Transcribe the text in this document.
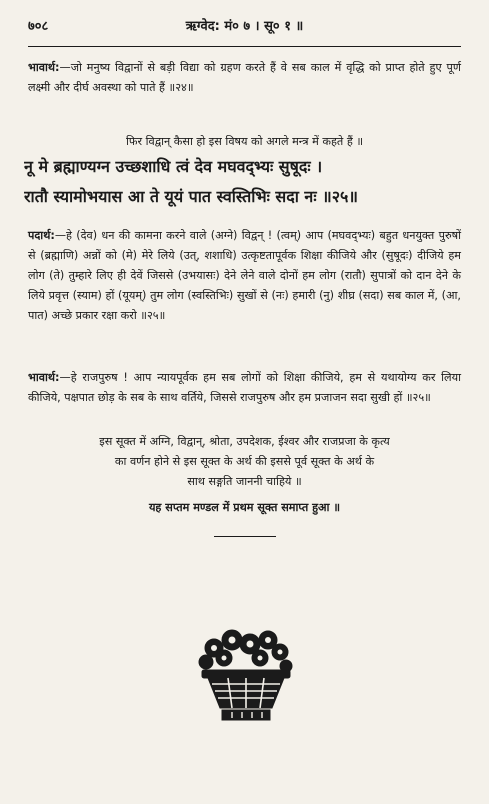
७०८	ऋग्वेद: मं० ७ । सू० १ ॥
भावार्थ:—जो मनुष्य विद्वानों से बड़ी विद्या को ग्रहण करते हैं वे सब काल में वृद्धि को प्राप्त होते हुए पूर्ण लक्ष्मी और दीर्घ अवस्था को पाते हैं ॥२४॥
फिर विद्वान् कैसा हो इस विषय को अगले मन्त्र में कहते हैं ॥
नू मे ब्रह्माण्यग्न उच्छशाधि त्वं देव मघवद्भ्यः सुषूदः ।
रातौ स्यामोभयास आ ते यूयं पात स्वस्तिभिः सदा नः ॥२५॥
पदार्थ:—हे (देव) धन की कामना करने वाले (अग्ने) विद्वन् ! (त्वम्) आप (मघवद्भ्यः) बहुत धनयुक्त पुरुषों से (ब्रह्माणि) अन्नों को (मे) मेरे लिये (उत्, शशाधि) उत्कृष्टतापूर्वक शिक्षा कीजिये और (सुषूदः) दीजिये हम लोग (ते) तुम्हारे लिए ही देवें जिससे (उभयासः) देने लेने वाले दोनों हम लोग (रातौ) सुपात्रों को दान देने के लिये प्रवृत्त (स्याम) हों (यूयम्) तुम लोग (स्वस्तिभिः) सुखों से (नः) हमारी (नु) शीघ्र (सदा) सब काल में, (आ, पात) अच्छे प्रकार रक्षा करो ॥२५॥
भावार्थ:—हे राजपुरुष ! आप न्यायपूर्वक हम सब लोगों को शिक्षा कीजिये, हम से यथायोग्य कर लिया कीजिये, पक्षपात छोड़ के सब के साथ वर्तिये, जिससे राजपुरुष और हम प्रजाजन सदा सुखी हों ॥२५॥
इस सूक्त में अग्नि, विद्वान्, श्रोता, उपदेशक, ईश्वर और राजप्रजा के कृत्य
का वर्णन होने से इस सूक्त के अर्थ की इससे पूर्व सूक्त के अर्थ के
साथ सङ्गति जाननी चाहिये ॥
यह सप्तम मण्डल में प्रथम सूक्त समाप्त हुआ ॥
